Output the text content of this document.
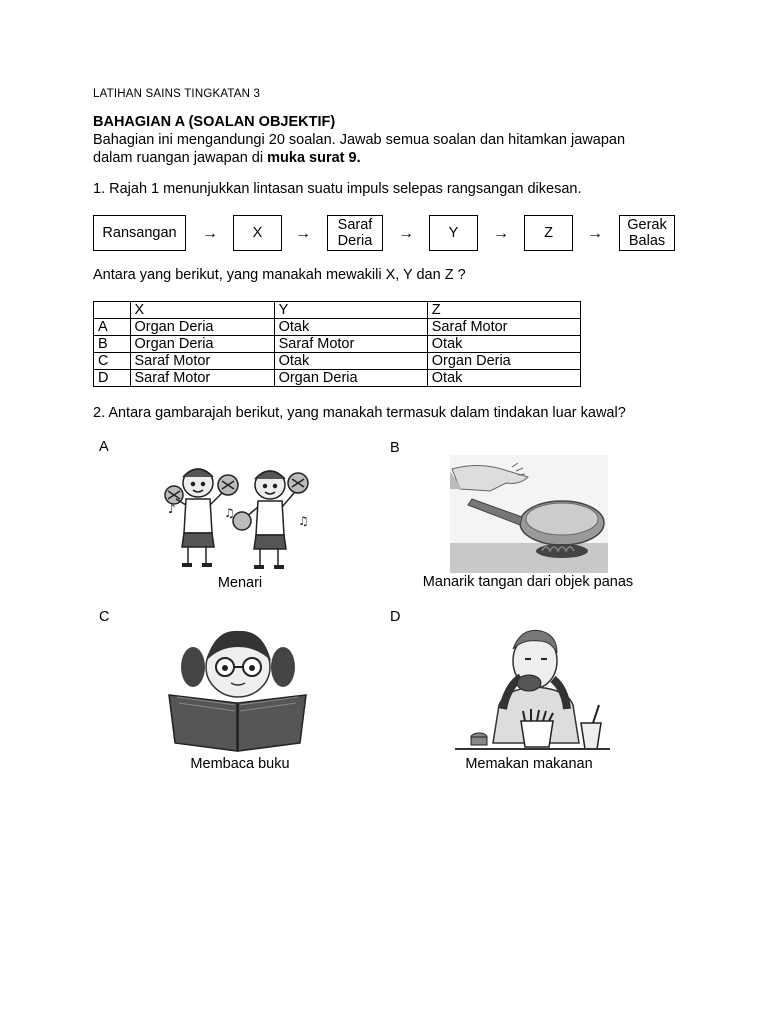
LATIHAN SAINS TINGKATAN 3
BAHAGIAN A (SOALAN OBJEKTIF)
Bahagian ini mengandungi 20 soalan. Jawab semua soalan dan hitamkan jawapan
dalam ruangan jawapan di muka surat 9.
1. Rajah 1 menunjukkan lintasan suatu impuls selepas rangsangan dikesan.
Ransangan → X → Saraf
Deria → Y → Z → Gerak
Balas
Antara yang berikut, yang manakah mewakili X, Y dan Z ?
	X	Y	Z
A	Organ Deria	Otak	Saraf Motor
B	Organ Deria	Saraf Motor	Otak
C	Saraf Motor	Otak	Organ Deria
D	Saraf Motor	Organ Deria	Otak
2. Antara gambarajah berikut, yang manakah termasuk dalam tindakan luar kawal?
A
♪	♫
♫
Menari
B
Manarik tangan dari objek panas
C
Membaca buku
D
Memakan makanan
